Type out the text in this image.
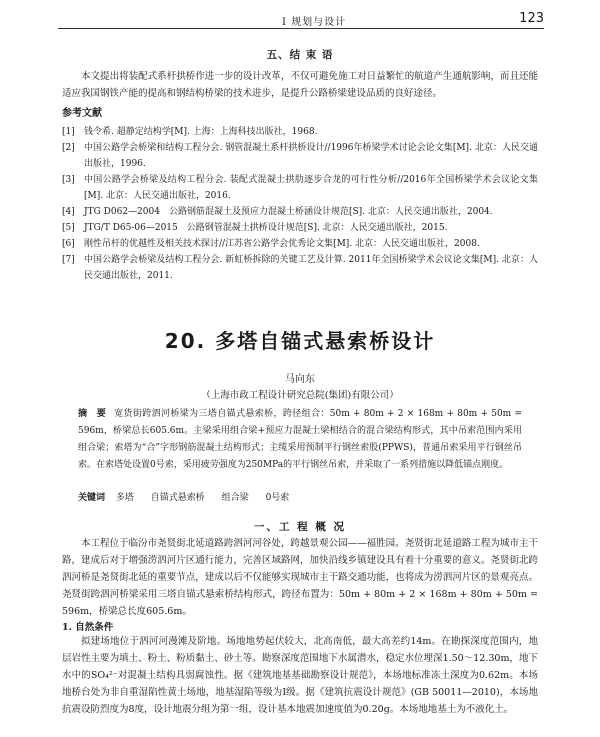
I 规划与设计	123
五、结 束 语

本文提出将装配式系杆拱桥作进一步的设计改革，不仅可避免施工对日益繁忙的航道产生通航影响，而且还能适应我国钢铁产能的提高和钢结构桥梁的技术进步，是提升公路桥梁建设品质的良好途径。

参考文献
[1]	钱令希. 超静定结构学[M]. 上海：上海科技出版社，1968.
[2]	中国公路学会桥梁和结构工程分会. 钢管混凝土系杆拱桥设计//1996年桥梁学术讨论会论文集[M]. 北京：人民交通出版社，1996.
[3]	中国公路学会桥梁及结构工程分会. 装配式混凝土拱肋逐步合龙的可行性分析//2016年全国桥梁学术会议论文集[M]. 北京：人民交通出版社，2016.
[4]	JTG D062—2004　公路钢筋混凝土及预应力混凝土桥涵设计规范[S]. 北京：人民交通出版社，2004.
[5]	JTG/T D65-06—2015　公路钢管混凝土拱桥设计规范[S]. 北京：人民交通出版社，2015.
[6]	刚性吊杆的优越性及相关技术探讨//江苏省公路学会优秀论文集[M]. 北京：人民交通出版社，2008.
[7]	中国公路学会桥梁及结构工程分会. 新虹桥拆除的关键工艺及计算. 2011年全国桥梁学术会议论文集[M]. 北京：人民交通出版社，2011.
20. 多塔自锚式悬索桥设计
马向东
（上海市政工程设计研究总院(集团)有限公司）
摘　要 宽货街跨泗河桥梁为三塔自锚式悬索桥，跨径组合：50m + 80m + 2 × 168m + 80m + 50m = 596m，桥梁总长605.6m。主梁采用组合梁+预应力混凝土梁相结合的混合梁结构形式，其中吊索范围内采用组合梁；索塔为“合”字形钢筋混凝土结构形式；主缆采用预制平行钢丝索股(PPWS)，普通吊索采用平行钢丝吊索。在索塔处设置0号索，采用疲劳强度为250MPa的平行钢丝吊索，并采取了一系列措施以降低锚点刚度。
关键词 多塔 自锚式悬索桥 组合梁 0号索
一、工 程 概 况

本工程位于临汾市尧贤街北延道路跨泗河河谷处，跨越景观公园——福胜园。尧贤街北延道路工程为城市主干路，建成后对于增强涝泗河片区通行能力，完善区域路网，加快沿线乡镇建设具有着十分重要的意义。尧贤街北跨泗河桥是尧贤街北延的重要节点，建成以后不仅能够实现城市主干路交通功能，也将成为涝泗河片区的景观亮点。尧贤街跨泗河桥梁采用三塔自锚式悬索桥结构形式，跨径布置为：50m + 80m + 2 × 168m + 80m + 50m = 596m，桥梁总长度605.6m。

1. 自然条件

拟建场地位于泗河河漫滩及阶地。场地地势起伏较大，北高南低，最大高差约14m。在勘探深度范围内，地层岩性主要为填土、粉土、粉质黏土、砂土等。勘察深度范围地下水属潜水，稳定水位埋深1.50～12.30m，地下水中的SO₄²⁻对混凝土结构具弱腐蚀性。据《建筑地基基础勘察设计规范》，本场地标准冻土深度为0.62m。本场地桥台处为非自重湿陷性黄土场地，地基湿陷等级为Ⅰ级。据《建筑抗震设计规范》(GB 50011—2010)，本场地抗震设防烈度为8度，设计地震分组为第一组，设计基本地震加速度值为0.20g。本场地地基土为不液化土。
